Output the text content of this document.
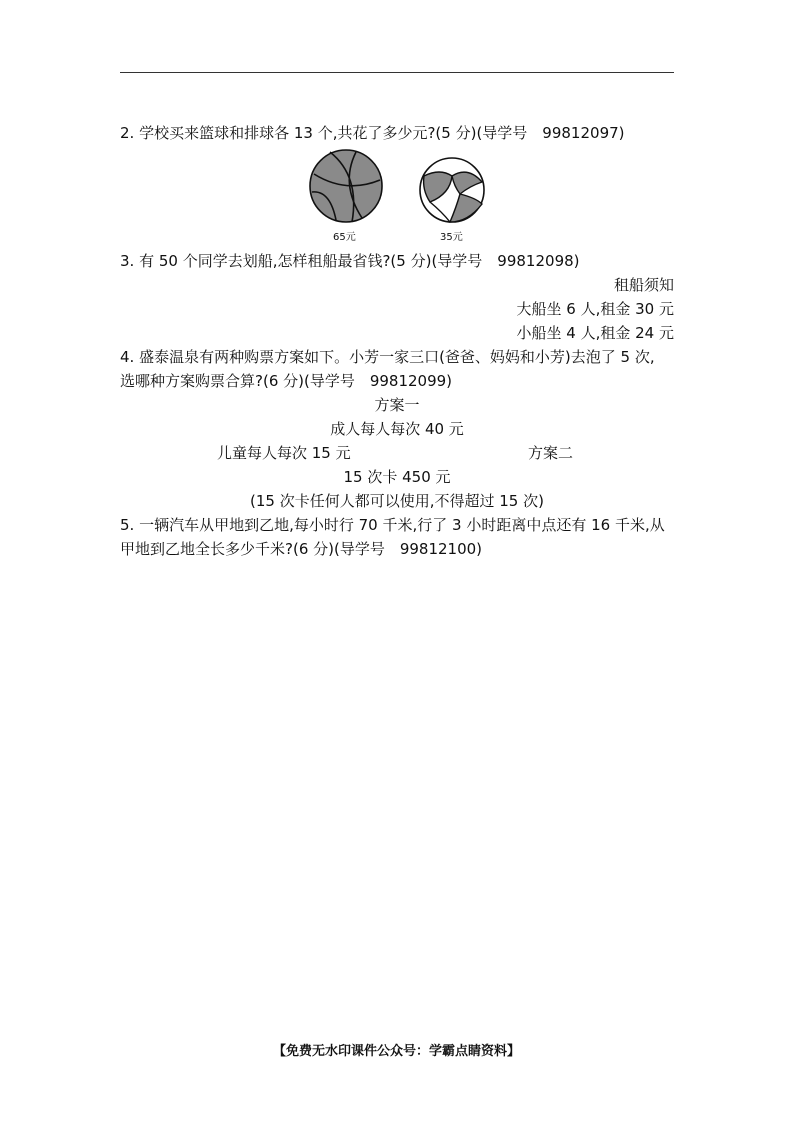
2. 学校买来篮球和排球各 13 个,共花了多少元?(5 分)(导学号　99812097)
65元	35元
3. 有 50 个同学去划船,怎样租船最省钱?(5 分)(导学号　99812098)
租船须知
大船坐 6 人,租金 30 元
小船坐 4 人,租金 24 元
4. 盛泰温泉有两种购票方案如下。小芳一家三口(爸爸、妈妈和小芳)去泡了 5 次,
选哪种方案购票合算?(6 分)(导学号　99812099)
方案一
成人每人每次 40 元
儿童每人每次 15 元	方案二
15 次卡 450 元
(15 次卡任何人都可以使用,不得超过 15 次)
5. 一辆汽车从甲地到乙地,每小时行 70 千米,行了 3 小时距离中点还有 16 千米,从
甲地到乙地全长多少千米?(6 分)(导学号　99812100)
【免费无水印课件公众号：学霸点睛资料】
